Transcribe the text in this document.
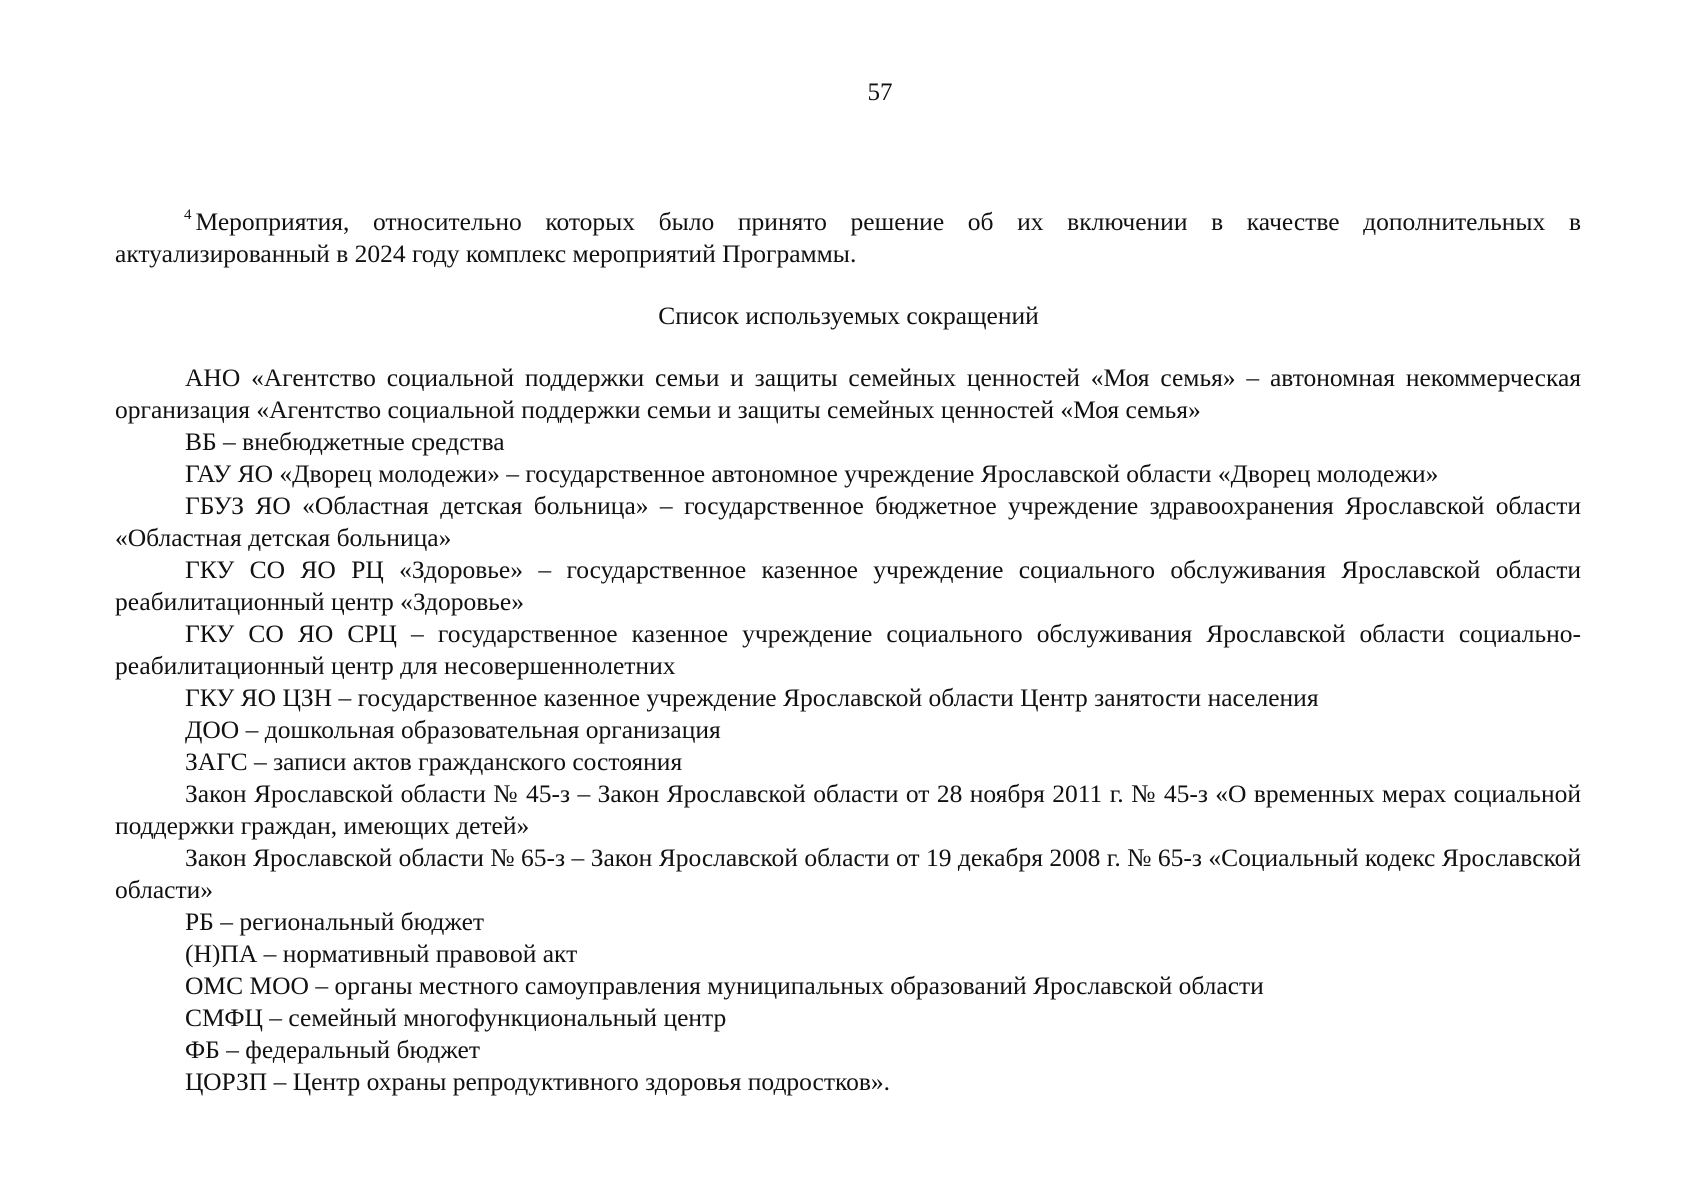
57

$^4$ Мероприятия, относительно которых было принято решение об их включении в качестве дополнительных в актуализированный в 2024 году комплекс мероприятий Программы.

Список используемых сокращений
АНО «Агентство социальной поддержки семьи и защиты семейных ценностей «Моя семья» – автономная некоммерческая организация «Агентство социальной поддержки семьи и защиты семейных ценностей «Моя семья»
ВБ – внебюджетные средства
ГАУ ЯО «Дворец молодежи» – государственное автономное учреждение Ярославской области «Дворец молодежи»
ГБУЗ ЯО «Областная детская больница» – государственное бюджетное учреждение здравоохранения Ярославской области «Областная детская больница»
ГКУ СО ЯО РЦ «Здоровье» – государственное казенное учреждение социального обслуживания Ярославской области реабилитационный центр «Здоровье»
ГКУ СО ЯО СРЦ – государственное казенное учреждение социального обслуживания Ярославской области социально-реабилитационный центр для несовершеннолетних
ГКУ ЯО ЦЗН – государственное казенное учреждение Ярославской области Центр занятости населения
ДОО – дошкольная образовательная организация
ЗАГС – записи актов гражданского состояния
Закон Ярославской области № 45-з – Закон Ярославской области от 28 ноября 2011 г. № 45-з «О временных мерах социальной поддержки граждан, имеющих детей»
Закон Ярославской области № 65-з – Закон Ярославской области от 19 декабря 2008 г. № 65-з «Социальный кодекс Ярославской области»
РБ – региональный бюджет
(Н)ПА – нормативный правовой акт
ОМС МОО – органы местного самоуправления муниципальных образований Ярославской области
СМФЦ – семейный многофункциональный центр
ФБ – федеральный бюджет
ЦОРЗП – Центр охраны репродуктивного здоровья подростков».
